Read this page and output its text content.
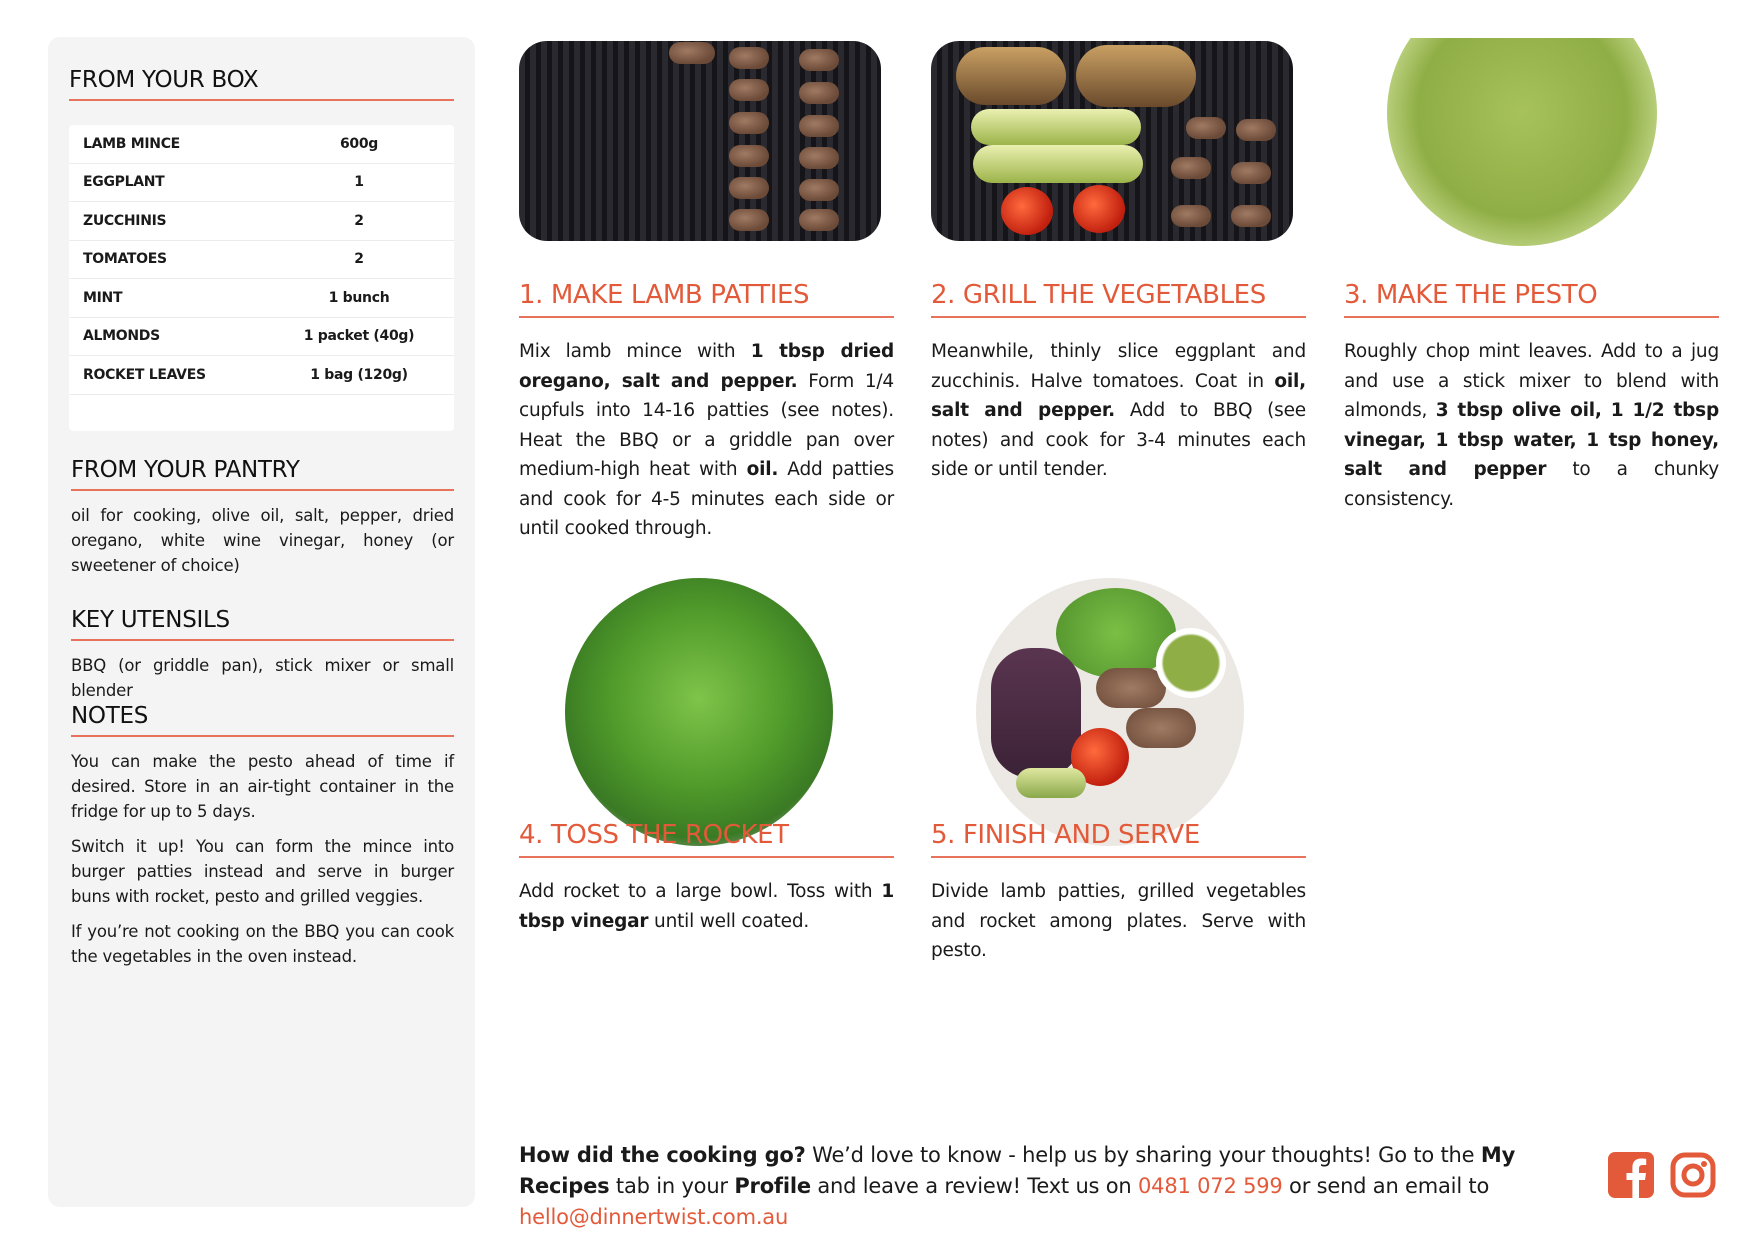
FROM YOUR BOX
LAMB MINCE	600g
EGGPLANT	1
ZUCCHINIS	2
TOMATOES	2
MINT	1 bunch
ALMONDS	1 packet (40g)
ROCKET LEAVES	1 bag (120g)
FROM YOUR PANTRY
oil for cooking, olive oil, salt, pepper, dried oregano, white wine vinegar, honey (or sweetener of choice)
KEY UTENSILS
BBQ (or griddle pan), stick mixer or small blender
NOTES

You can make the pesto ahead of time if desired. Store in an air-tight container in the fridge for up to 5 days.

Switch it up! You can form the mince into burger patties instead and serve in burger buns with rocket, pesto and grilled veggies.

If you’re not cooking on the BBQ you can cook the vegetables in the oven instead.

1. MAKE LAMB PATTIES	2. GRILL THE VEGETABLES	3. MAKE THE PESTO
4. TOSS THE ROCKET	5. FINISH AND SERVE
Mix lamb mince with 1 tbsp dried oregano, salt and pepper. Form 1/4 cupfuls into 14-16 patties (see notes). Heat the BBQ or a griddle pan over medium-high heat with oil. Add patties and cook for 4-5 minutes each side or until cooked through.
Meanwhile, thinly slice eggplant and zucchinis. Halve tomatoes. Coat in oil, salt and pepper. Add to BBQ (see notes) and cook for 3-4 minutes each side or until tender.
Roughly chop mint leaves. Add to a jug and use a stick mixer to blend with almonds, 3 tbsp olive oil, 1 1/2 tbsp vinegar, 1 tbsp water, 1 tsp honey, salt and pepper to a chunky consistency.
Add rocket to a large bowl. Toss with 1 tbsp vinegar until well coated.
Divide lamb patties, grilled vegetables and rocket among plates. Serve with pesto.
How did the cooking go? We’d love to know - help us by sharing your thoughts! Go to the My Recipes tab in your Profile and leave a review! Text us on 0481 072 599 or send an email to hello@dinnertwist.com.au
